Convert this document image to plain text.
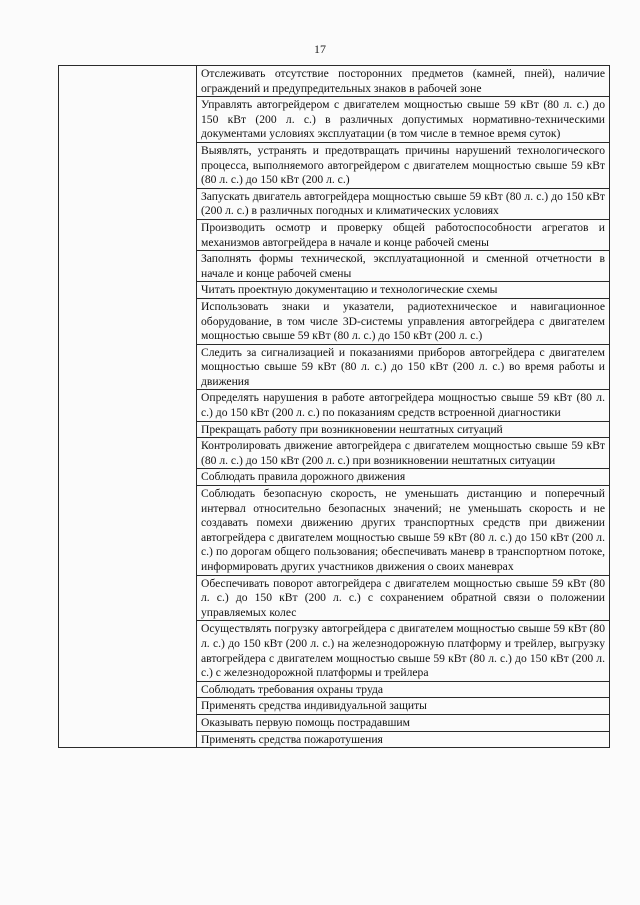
17
	Отслеживать отсутствие посторонних предметов (камней, пней), наличие ограждений и предупредительных знаков в рабочей зоне
Управлять автогрейдером с двигателем мощностью свыше 59 кВт (80 л. с.) до 150 кВт (200 л. с.) в различных допустимых нормативно-техническими документами условиях эксплуатации (в том числе в темное время суток)
Выявлять, устранять и предотвращать причины нарушений технологического процесса, выполняемого автогрейдером с двигателем мощностью свыше 59 кВт (80 л. с.) до 150 кВт (200 л. с.)
Запускать двигатель автогрейдера мощностью свыше 59 кВт (80 л. с.) до 150 кВт (200 л. с.) в различных погодных и климатических условиях
Производить осмотр и проверку общей работоспособности агрегатов и механизмов автогрейдера в начале и конце рабочей смены
Заполнять формы технической, эксплуатационной и сменной отчетности в начале и конце рабочей смены
Читать проектную документацию и технологические схемы
Использовать знаки и указатели, радиотехническое и навигационное оборудование, в том числе 3D-системы управления автогрейдера с двигателем мощностью свыше 59 кВт (80 л. с.) до 150 кВт (200 л. с.)
Следить за сигнализацией и показаниями приборов автогрейдера с двигателем мощностью свыше 59 кВт (80 л. с.) до 150 кВт (200 л. с.) во время работы и движения
Определять нарушения в работе автогрейдера мощностью свыше 59 кВт (80 л. с.) до 150 кВт (200 л. с.) по показаниям средств встроенной диагностики
Прекращать работу при возникновении нештатных ситуаций
Контролировать движение автогрейдера с двигателем мощностью свыше 59 кВт (80 л. с.) до 150 кВт (200 л. с.) при возникновении нештатных ситуации
Соблюдать правила дорожного движения
Соблюдать безопасную скорость, не уменьшать дистанцию и поперечный интервал относительно безопасных значений; не уменьшать скорость и не создавать помехи движению других транспортных средств при движении автогрейдера с двигателем мощностью свыше 59 кВт (80 л. с.) до 150 кВт (200 л. с.) по дорогам общего пользования; обеспечивать маневр в транспортном потоке, информировать других участников движения о своих маневрах
Обеспечивать поворот автогрейдера с двигателем мощностью свыше 59 кВт (80 л. с.) до 150 кВт (200 л. с.) с сохранением обратной связи о положении управляемых колес
Осуществлять погрузку автогрейдера с двигателем мощностью свыше 59 кВт (80 л. с.) до 150 кВт (200 л. с.) на железнодорожную платформу и трейлер, выгрузку автогрейдера с двигателем мощностью свыше 59 кВт (80 л. с.) до 150 кВт (200 л. с.) с железнодорожной платформы и трейлера
Соблюдать требования охраны труда
Применять средства индивидуальной защиты
Оказывать первую помощь пострадавшим
Применять средства пожаротушения
